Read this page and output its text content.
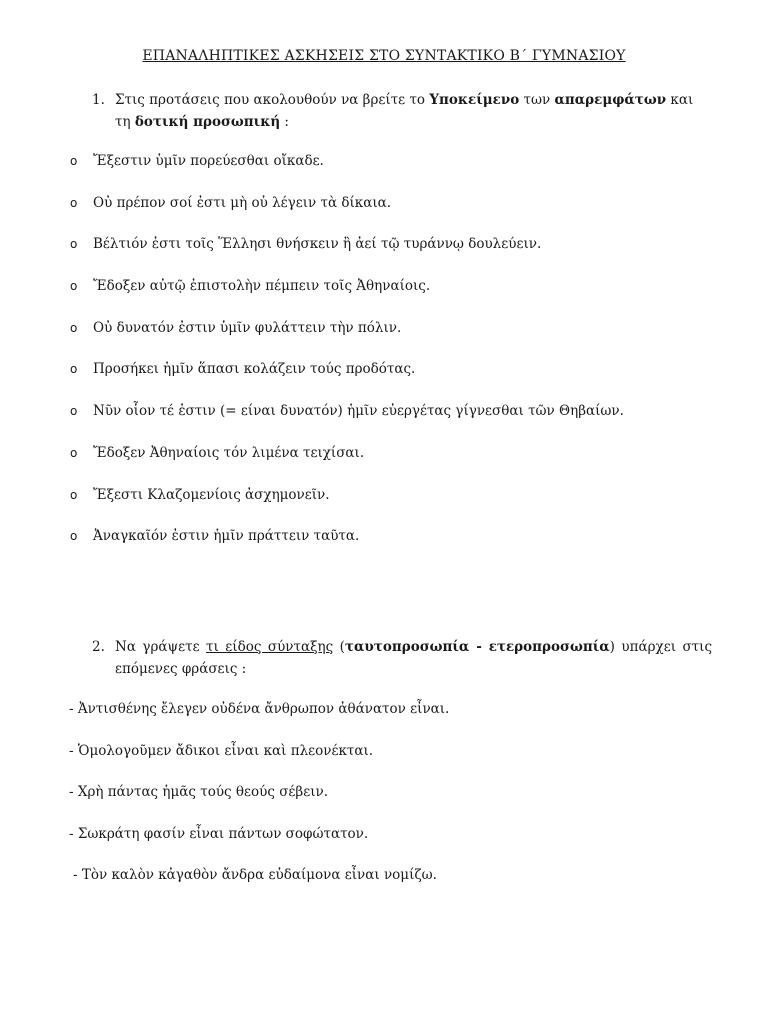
ΕΠΑΝΑΛΗΠΤΙΚΕΣ ΑΣΚΗΣΕΙΣ ΣΤΟ ΣΥΝΤΑΚΤΙΚΟ Β΄ ΓΥΜΝΑΣΙΟΥ
1. Στις προτάσεις που ακολουθούν να βρείτε το Υποκείμενο των απαρεμφάτων και τη δοτική προσωπική :
o Ἔξεστιν ὑμῖν πορεύεσθαι οἴκαδε.
o Οὐ πρέπον σοί ἐστι μὴ οὐ λέγειν τὰ δίκαια.
o Βέλτιόν ἐστι τοῖς Ἕλλησι θνήσκειν ἢ ἀεί τῷ τυράννῳ δουλεύειν.
o Ἔδοξεν αὐτῷ ἐπιστολὴν πέμπειν τοῖς Ἀθηναίοις.
o Οὐ δυνατόν ἐστιν ὑμῖν φυλάττειν τὴν πόλιν.
o Προσήκει ἡμῖν ἅπασι κολάζειν τούς προδότας.
o Νῦν οἷον τέ ἐστιν (= είναι δυνατόν) ἡμῖν εὐεργέτας γίγνεσθαι τῶν Θηβαίων.
o Ἔδοξεν Ἀθηναίοις τόν λιμένα τειχίσαι.
o Ἔξεστι Κλαζομενίοις ἀσχημονεῖν.
o Ἀναγκαῖόν ἐστιν ἡμῖν πράττειν ταῦτα.
2. Να γράψετε τι είδος σύνταξης (ταυτοπροσωπία - ετεροπροσωπία) υπάρχει στις επόμενες φράσεις :
- Ἀντισθένης ἔλεγεν οὐδένα ἄνθρωπον ἀθάνατον εἶναι.
- Ὁμολογοῦμεν ἄδικοι εἶναι καὶ πλεονέκται.
- Χρὴ πάντας ἡμᾶς τούς θεούς σέβειν.
- Σωκράτη φασίν εἶναι πάντων σοφώτατον.
- Τὸν καλὸν κἀγαθὸν ἄνδρα εὐδαίμονα εἶναι νομίζω.
